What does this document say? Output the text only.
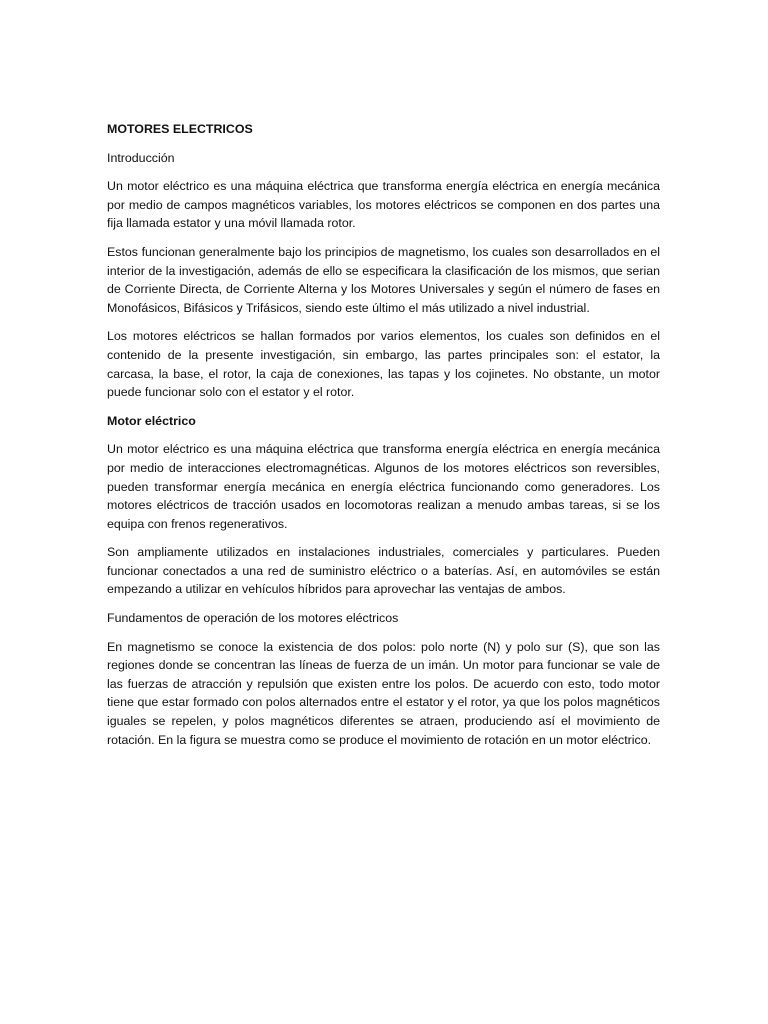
MOTORES ELECTRICOS
Introducción

Un motor eléctrico es una máquina eléctrica que transforma energía eléctrica en energía mecánica por medio de campos magnéticos variables, los motores eléctricos se componen en dos partes una fija llamada estator y una móvil llamada rotor.

Estos funcionan generalmente bajo los principios de magnetismo, los cuales son desarrollados en el interior de la investigación, además de ello se especificara la clasificación de los mismos, que serian de Corriente Directa, de Corriente Alterna y los Motores Universales y según el número de fases en Monofásicos, Bifásicos y Trifásicos, siendo este último el más utilizado a nivel industrial.

Los motores eléctricos se hallan formados por varios elementos, los cuales son definidos en el contenido de la presente investigación, sin embargo, las partes principales son: el estator, la carcasa, la base, el rotor, la caja de conexiones, las tapas y los cojinetes. No obstante, un motor puede funcionar solo con el estator y el rotor.

Motor eléctrico

Un motor eléctrico es una máquina eléctrica que transforma energía eléctrica en energía mecánica por medio de interacciones electromagnéticas. Algunos de los motores eléctricos son reversibles, pueden transformar energía mecánica en energía eléctrica funcionando como generadores. Los motores eléctricos de tracción usados en locomotoras realizan a menudo ambas tareas, si se los equipa con frenos regenerativos.

Son ampliamente utilizados en instalaciones industriales, comerciales y particulares. Pueden funcionar conectados a una red de suministro eléctrico o a baterías. Así, en automóviles se están empezando a utilizar en vehículos híbridos para aprovechar las ventajas de ambos.

Fundamentos de operación de los motores eléctricos

En magnetismo se conoce la existencia de dos polos: polo norte (N) y polo sur (S), que son las regiones donde se concentran las líneas de fuerza de un imán. Un motor para funcionar se vale de las fuerzas de atracción y repulsión que existen entre los polos. De acuerdo con esto, todo motor tiene que estar formado con polos alternados entre el estator y el rotor, ya que los polos magnéticos iguales se repelen, y polos magnéticos diferentes se atraen, produciendo así el movimiento de rotación. En la figura se muestra como se produce el movimiento de rotación en un motor eléctrico.
